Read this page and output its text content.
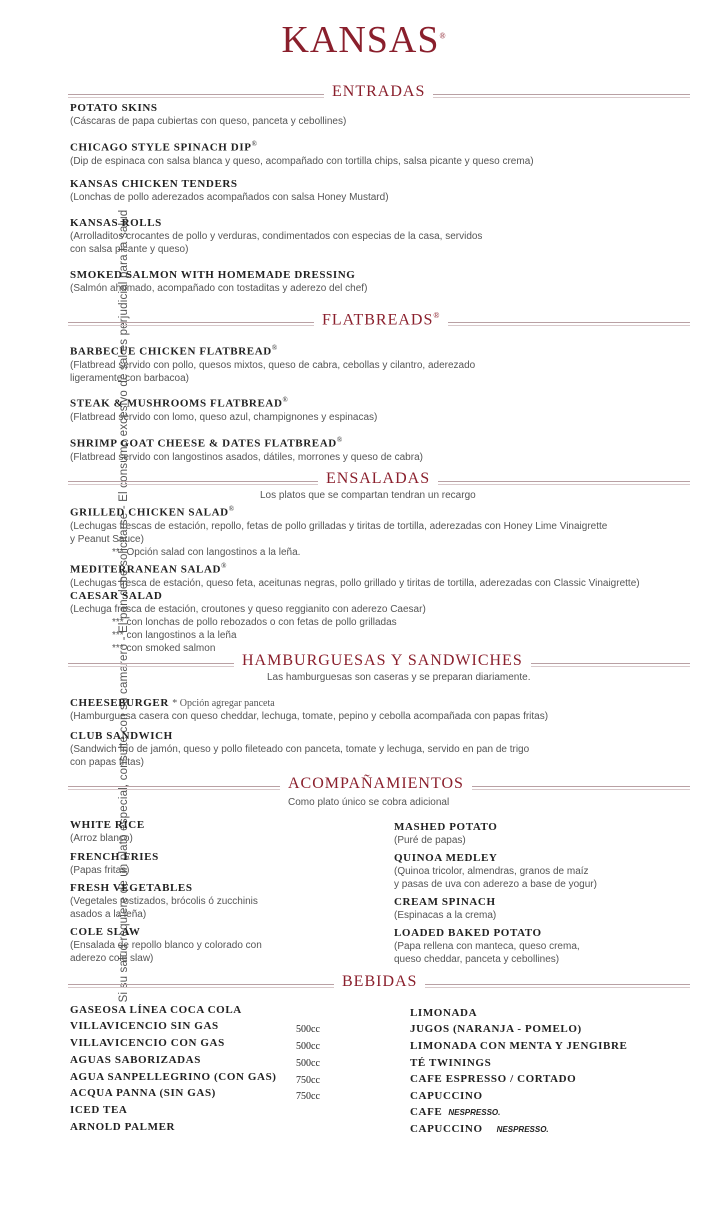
KANSAS®
Si su salud requiere de un plato especial, consulte con su camarero - El pan debe solicitarse - El consumo excesivo de sal es perjudicial para la salud
ENTRADAS
POTATO SKINS
(Cáscaras de papa cubiertas con queso, panceta y cebollines)
CHICAGO STYLE SPINACH DIP®
(Dip de espinaca con salsa blanca y queso, acompañado con tortilla chips, salsa picante y queso crema)
KANSAS CHICKEN TENDERS
(Lonchas de pollo aderezados acompañados con salsa Honey Mustard)
KANSAS ROLLS
(Arrolladitos crocantes de pollo y verduras, condimentados con especias de la casa, servidos
con salsa picante y queso)
SMOKED SALMON WITH HOMEMADE DRESSING
(Salmón ahumado, acompañado con tostaditas y aderezo del chef)
FLATBREADS®
BARBECUE CHICKEN FLATBREAD®
(Flatbread servido con pollo, quesos mixtos, queso de cabra, cebollas y cilantro, aderezado
ligeramente con barbacoa)
STEAK & MUSHROOMS FLATBREAD®
(Flatbread servido con lomo, queso azul, champignones y espinacas)
SHRIMP GOAT CHEESE & DATES FLATBREAD®
(Flatbread servido con langostinos asados, dátiles, morrones y queso de cabra)
ENSALADAS
Los platos que se compartan tendran un recargo
GRILLED CHICKEN SALAD®
(Lechugas frescas de estación, repollo, fetas de pollo grilladas y tiritas de tortilla, aderezadas con Honey Lime Vinaigrette
y Peanut Sauce)
*** Opción salad con langostinos a la leña.
MEDITERRANEAN SALAD®
(Lechugas fresca de estación, queso feta, aceitunas negras, pollo grillado y tiritas de tortilla, aderezadas con Classic Vinaigrette)
CAESAR SALAD
(Lechuga fresca de estación, croutones y queso reggianito con aderezo Caesar)
*** con lonchas de pollo rebozados o con fetas de pollo grilladas
*** con langostinos a la leña
*** con smoked salmon
HAMBURGUESAS Y SANDWICHES
Las hamburguesas son caseras y se preparan diariamente.
CHEESEBURGER * Opción agregar panceta
(Hamburguesa casera con queso cheddar, lechuga, tomate, pepino y cebolla acompañada con papas fritas)
CLUB SANDWICH
(Sandwich frío de jamón, queso y pollo fileteado con panceta, tomate y lechuga, servido en pan de trigo
con papas fritas)
ACOMPAÑAMIENTOS
Como plato único se cobra adicional
WHITE RICE
(Arroz blanco)
FRENCH FRIES
(Papas fritas)
FRESH VEGETABLES
(Vegetales rostizados, brócolis ó zucchinis
asados a la leña)
COLE SLAW
(Ensalada de repollo blanco y colorado con
aderezo cole slaw)
MASHED POTATO
(Puré de papas)
QUINOA MEDLEY
(Quinoa tricolor, almendras, granos de maíz
y pasas de uva con aderezo a base de yogur)
CREAM SPINACH
(Espinacas a la crema)
LOADED BAKED POTATO
(Papa rellena con manteca, queso crema,
queso cheddar, panceta y cebollines)
BEBIDAS
GASEOSA LÍNEA COCA COLA
VILLAVICENCIO SIN GAS
VILLAVICENCIO CON GAS
AGUAS SABORIZADAS
AGUA SANPELLEGRINO (CON GAS)
ACQUA PANNA (SIN GAS)
ICED TEA
ARNOLD PALMER
500cc
500cc
500cc
750cc
750cc
LIMONADA
JUGOS (NARANJA - POMELO)
LIMONADA CON MENTA Y JENGIBRE
TÉ TWININGS
CAFE ESPRESSO / CORTADO
CAPUCCINO
CAFE NESPRESSO.
CAPUCCINO NESPRESSO.
